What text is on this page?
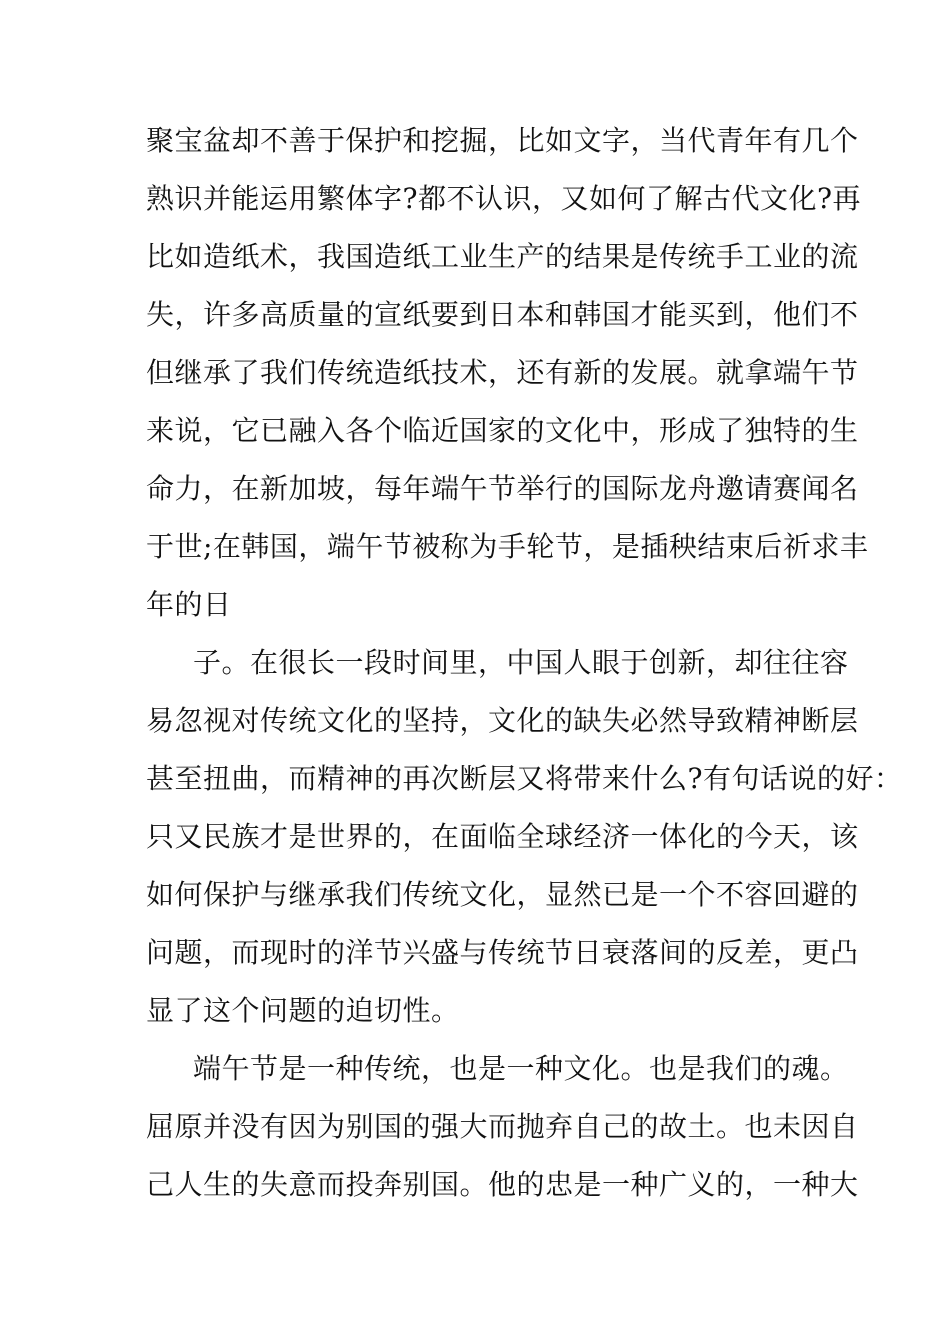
聚宝盆却不善于保护和挖掘，比如文字，当代青年有几个
熟识并能运用繁体字?都不认识，又如何了解古代文化?再
比如造纸术，我国造纸工业生产的结果是传统手工业的流
失，许多高质量的宣纸要到日本和韩国才能买到，他们不
但继承了我们传统造纸技术，还有新的发展。就拿端午节
来说，它已融入各个临近国家的文化中，形成了独特的生
命力，在新加坡，每年端午节举行的国际龙舟邀请赛闻名
于世;在韩国，端午节被称为手轮节，是插秧结束后祈求丰
年的日
子。在很长一段时间里，中国人眼于创新，却往往容
易忽视对传统文化的坚持，文化的缺失必然导致精神断层
甚至扭曲，而精神的再次断层又将带来什么?有句话说的好：
只又民族才是世界的，在面临全球经济一体化的今天，该
如何保护与继承我们传统文化，显然已是一个不容回避的
问题，而现时的洋节兴盛与传统节日衰落间的反差，更凸
显了这个问题的迫切性。
端午节是一种传统，也是一种文化。也是我们的魂。
屈原并没有因为别国的强大而抛弃自己的故土。也未因自
己人生的失意而投奔别国。他的忠是一种广义的，一种大
